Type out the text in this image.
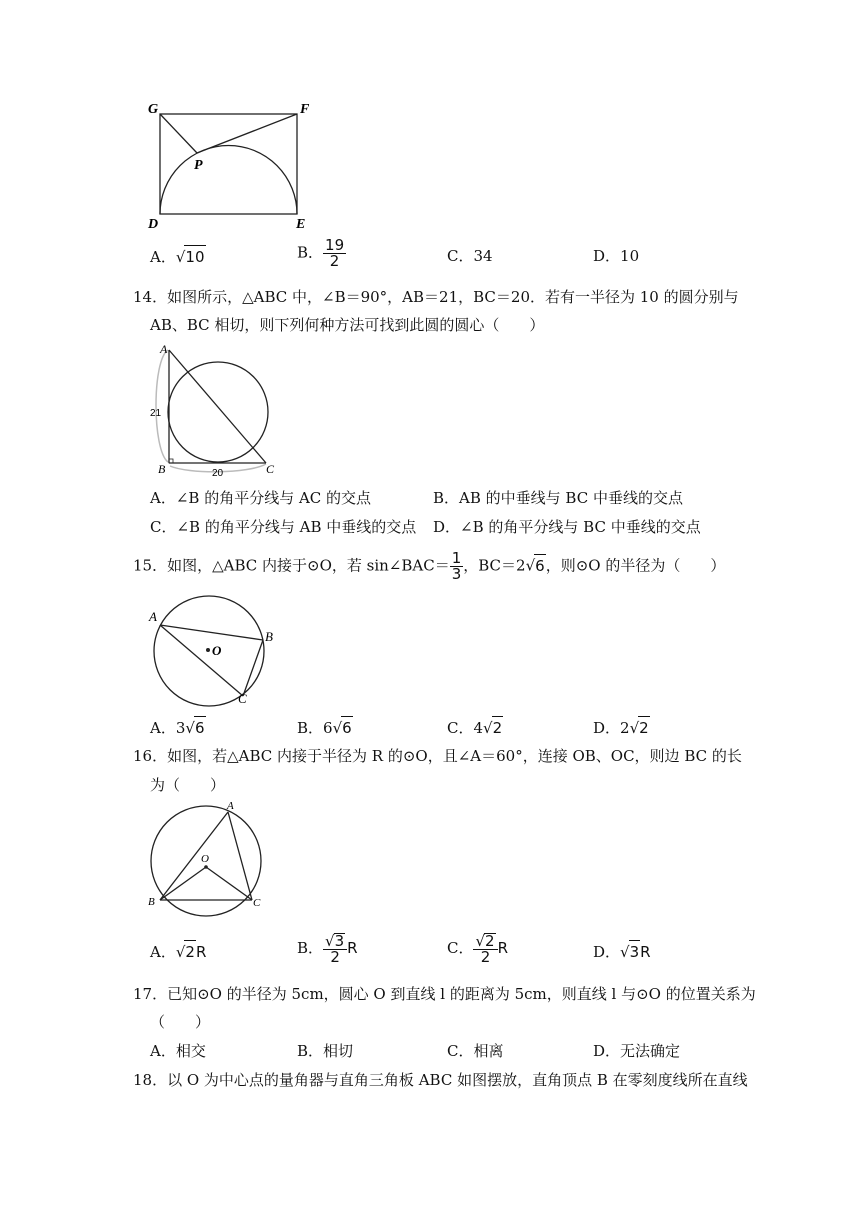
G	F
P
D	E
A．√10	B． $\frac{19}{2}$	C．34	D．10
14．如图所示，△ABC 中，∠B＝90°，AB＝21，BC＝20．若有一半径为 10 的圆分别与
AB、BC 相切，则下列何种方法可找到此圆的圆心（　　）
A
B	C
21
20
A．∠B 的角平分线与 AC 的交点	B．AB 的中垂线与 BC 中垂线的交点
C．∠B 的角平分线与 AB 中垂线的交点 D．∠B 的角平分线与 BC 中垂线的交点
15．如图，△ABC 内接于⊙O，若 sin∠BAC＝ $\frac{1}{3}$ ，BC＝2√6，则⊙O 的半径为（　　）
A
B
C
O
A．3√6	B．6√6	C．4√2	D．2√2
16．如图，若△ABC 内接于半径为 R 的⊙O，且∠A＝60°，连接 OB、OC，则边 BC 的长
为（　　）
A
B	C
O
A．√2R	B． $\frac{√3}{2}$ R	C． $\frac{√2}{2}$ R	D．√3R
17．已知⊙O 的半径为 5cm，圆心 O 到直线 l 的距离为 5cm，则直线 l 与⊙O 的位置关系为
（　　）
A．相交	B．相切	C．相离	D．无法确定
18．以 O 为中心点的量角器与直角三角板 ABC 如图摆放，直角顶点 B 在零刻度线所在直线
